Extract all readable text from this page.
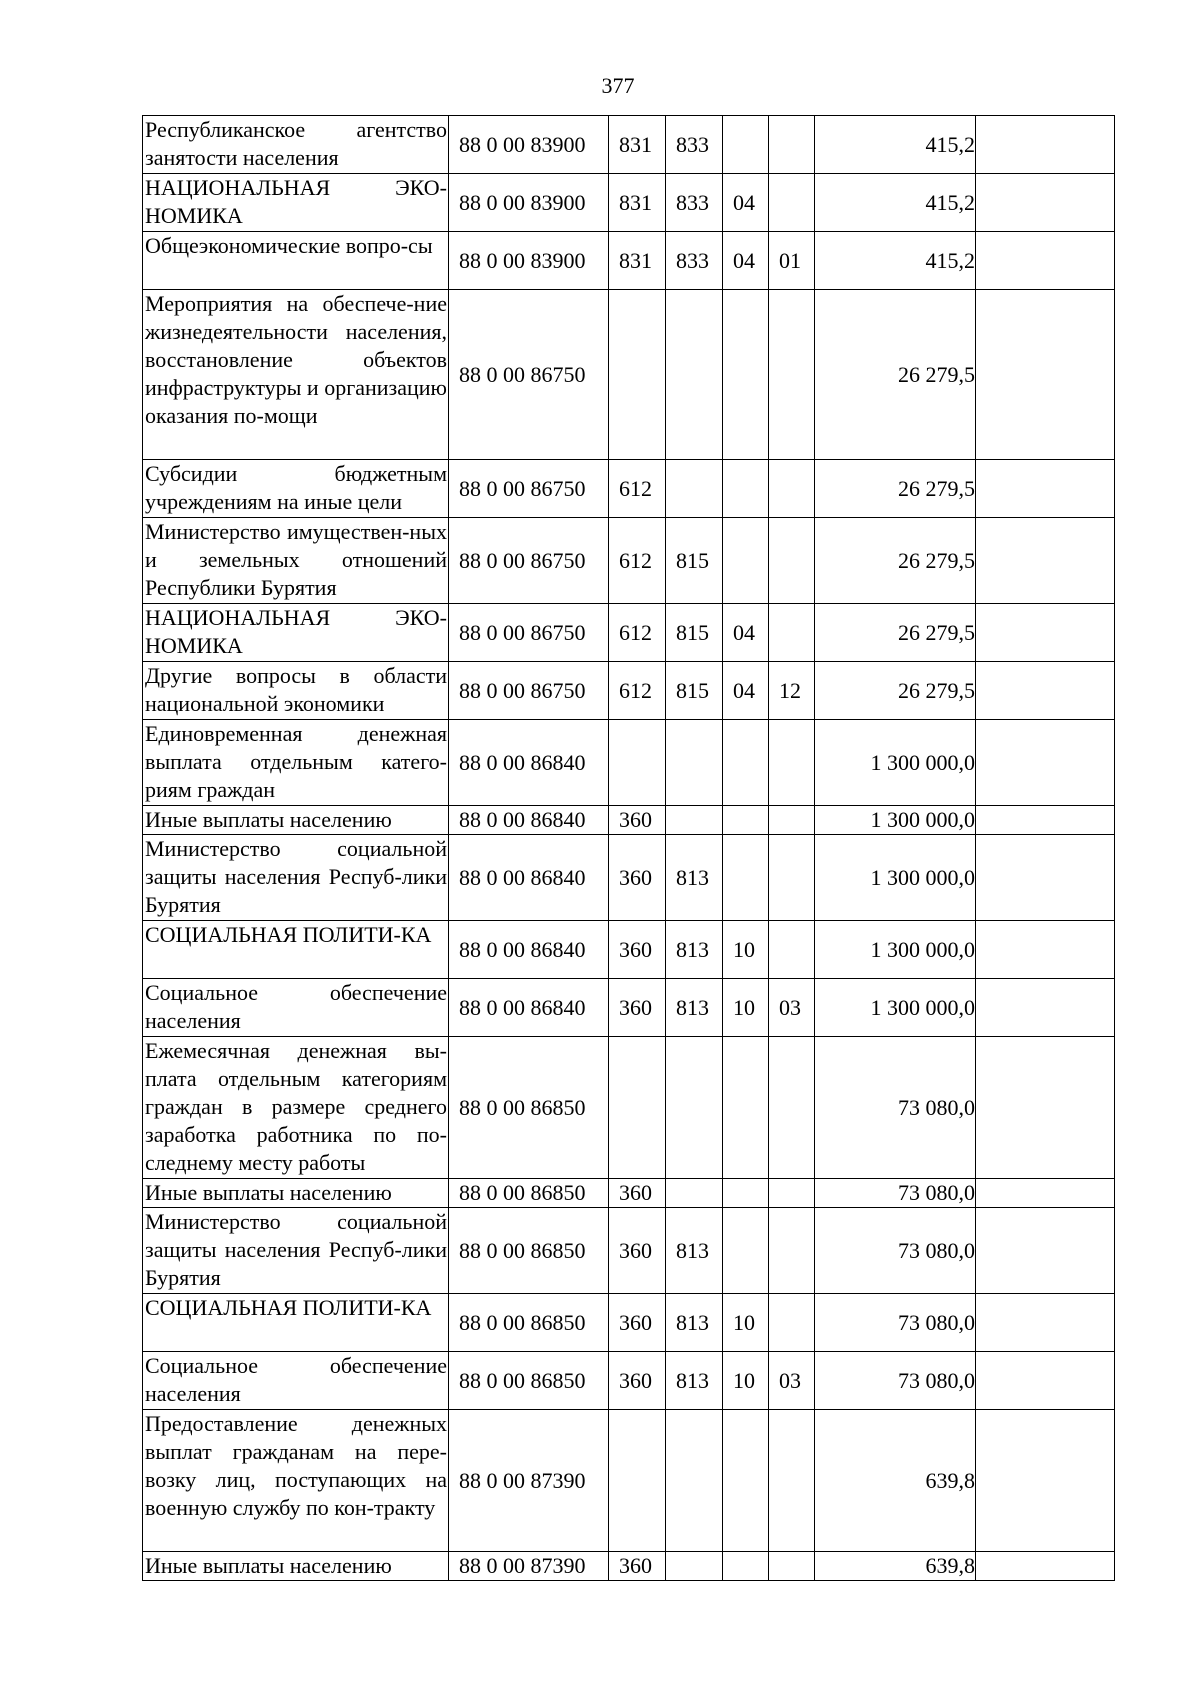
377
Республиканское агентство занятости населения	88 0 00 83900	831	833			415,2	
НАЦИОНАЛЬНАЯ ЭКО-НОМИКА	88 0 00 83900	831	833	04		415,2	
Общеэкономические вопро-сы	88 0 00 83900	831	833	04	01	415,2	
Мероприятия на обеспече-ние жизнедеятельности населения, восстановление объектов инфраструктуры и организацию оказания по-мощи	88 0 00 86750					26 279,5	
Субсидии бюджетным учреждениям на иные цели	88 0 00 86750	612				26 279,5	
Министерство имуществен-ных и земельных отношений Республики Бурятия	88 0 00 86750	612	815			26 279,5	
НАЦИОНАЛЬНАЯ ЭКО-НОМИКА	88 0 00 86750	612	815	04		26 279,5	
Другие вопросы в области национальной экономики	88 0 00 86750	612	815	04	12	26 279,5	
Единовременная денежная выплата отдельным катего-риям граждан	88 0 00 86840					1 300 000,0	
Иные выплаты населению	88 0 00 86840	360				1 300 000,0	
Министерство социальной защиты населения Респуб-лики Бурятия	88 0 00 86840	360	813			1 300 000,0	
СОЦИАЛЬНАЯ ПОЛИТИ-КА	88 0 00 86840	360	813	10		1 300 000,0	
Социальное обеспечение населения	88 0 00 86840	360	813	10	03	1 300 000,0	
Ежемесячная денежная вы-плата отдельным категориям граждан в размере среднего заработка работника по по-следнему месту работы	88 0 00 86850					73 080,0	
Иные выплаты населению	88 0 00 86850	360				73 080,0	
Министерство социальной защиты населения Респуб-лики Бурятия	88 0 00 86850	360	813			73 080,0	
СОЦИАЛЬНАЯ ПОЛИТИ-КА	88 0 00 86850	360	813	10		73 080,0	
Социальное обеспечение населения	88 0 00 86850	360	813	10	03	73 080,0	
Предоставление денежных выплат гражданам на пере-возку лиц, поступающих на военную службу по кон-тракту	88 0 00 87390					639,8	
Иные выплаты населению	88 0 00 87390	360				639,8	
